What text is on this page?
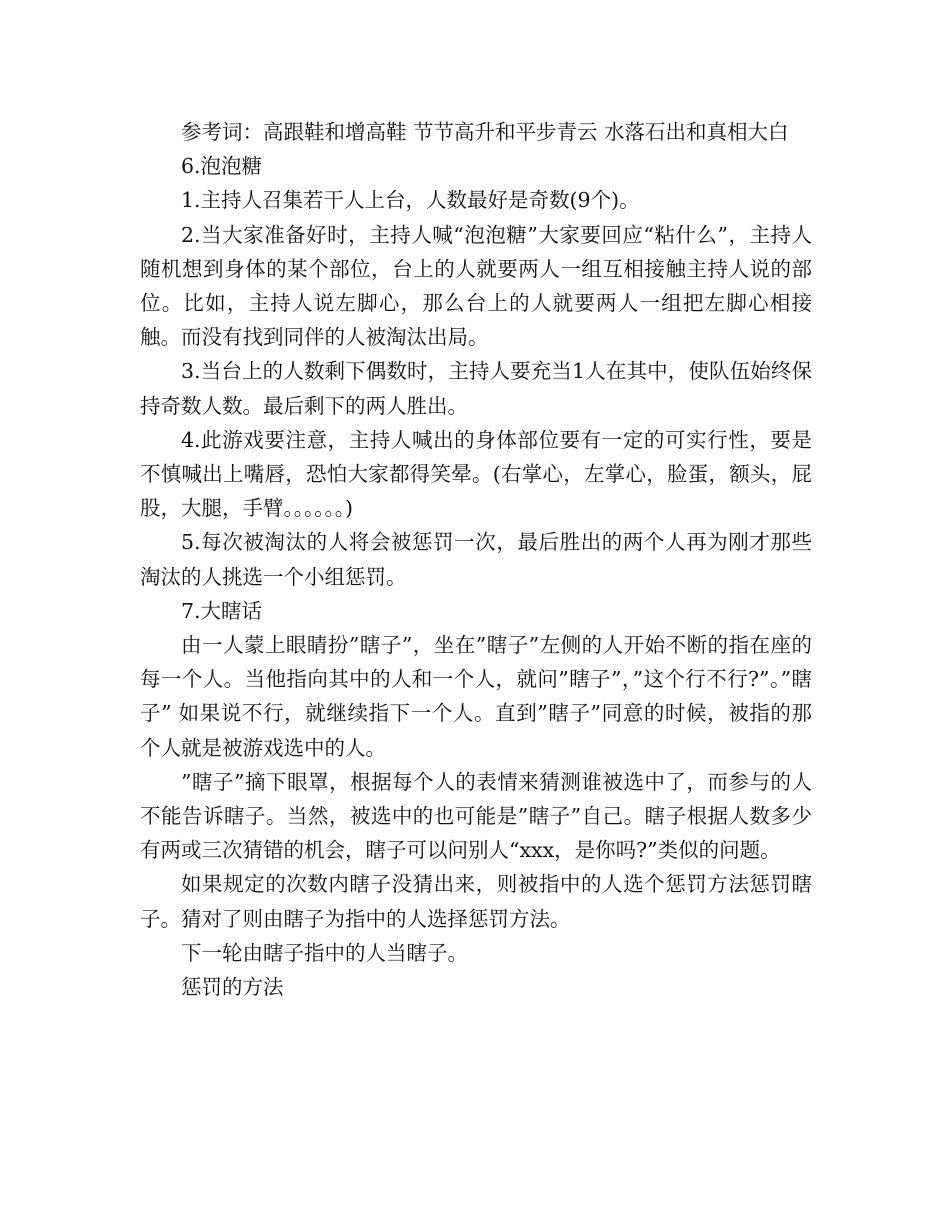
参考词：高跟鞋和增高鞋 节节高升和平步青云 水落石出和真相大白

6.泡泡糖

1.主持人召集若干人上台，人数最好是奇数(9个)。

2.当大家准备好时，主持人喊“泡泡糖”大家要回应“粘什么”，主持人随机想到身体的某个部位，台上的人就要两人一组互相接触主持人说的部位。比如，主持人说左脚心，那么台上的人就要两人一组把左脚心相接触。而没有找到同伴的人被淘汰出局。

3.当台上的人数剩下偶数时，主持人要充当1人在其中，使队伍始终保持奇数人数。最后剩下的两人胜出。

4.此游戏要注意，主持人喊出的身体部位要有一定的可实行性，要是不慎喊出上嘴唇，恐怕大家都得笑晕。(右掌心，左掌心，脸蛋，额头，屁股，大腿，手臂。。。。。。)

5.每次被淘汰的人将会被惩罚一次，最后胜出的两个人再为刚才那些淘汰的人挑选一个小组惩罚。

7.大瞎话

由一人蒙上眼睛扮”瞎子”，坐在”瞎子”左侧的人开始不断的指在座的每一个人。当他指向其中的人和一个人，就问”瞎子”，”这个行不行?”。”瞎子” 如果说不行，就继续指下一个人。直到”瞎子”同意的时候，被指的那个人就是被游戏选中的人。

”瞎子”摘下眼罩，根据每个人的表情来猜测谁被选中了，而参与的人不能告诉瞎子。当然，被选中的也可能是”瞎子”自己。瞎子根据人数多少有两或三次猜错的机会，瞎子可以问别人“xxx，是你吗?”类似的问题。

如果规定的次数内瞎子没猜出来，则被指中的人选个惩罚方法惩罚瞎子。猜对了则由瞎子为指中的人选择惩罚方法。

下一轮由瞎子指中的人当瞎子。

惩罚的方法
